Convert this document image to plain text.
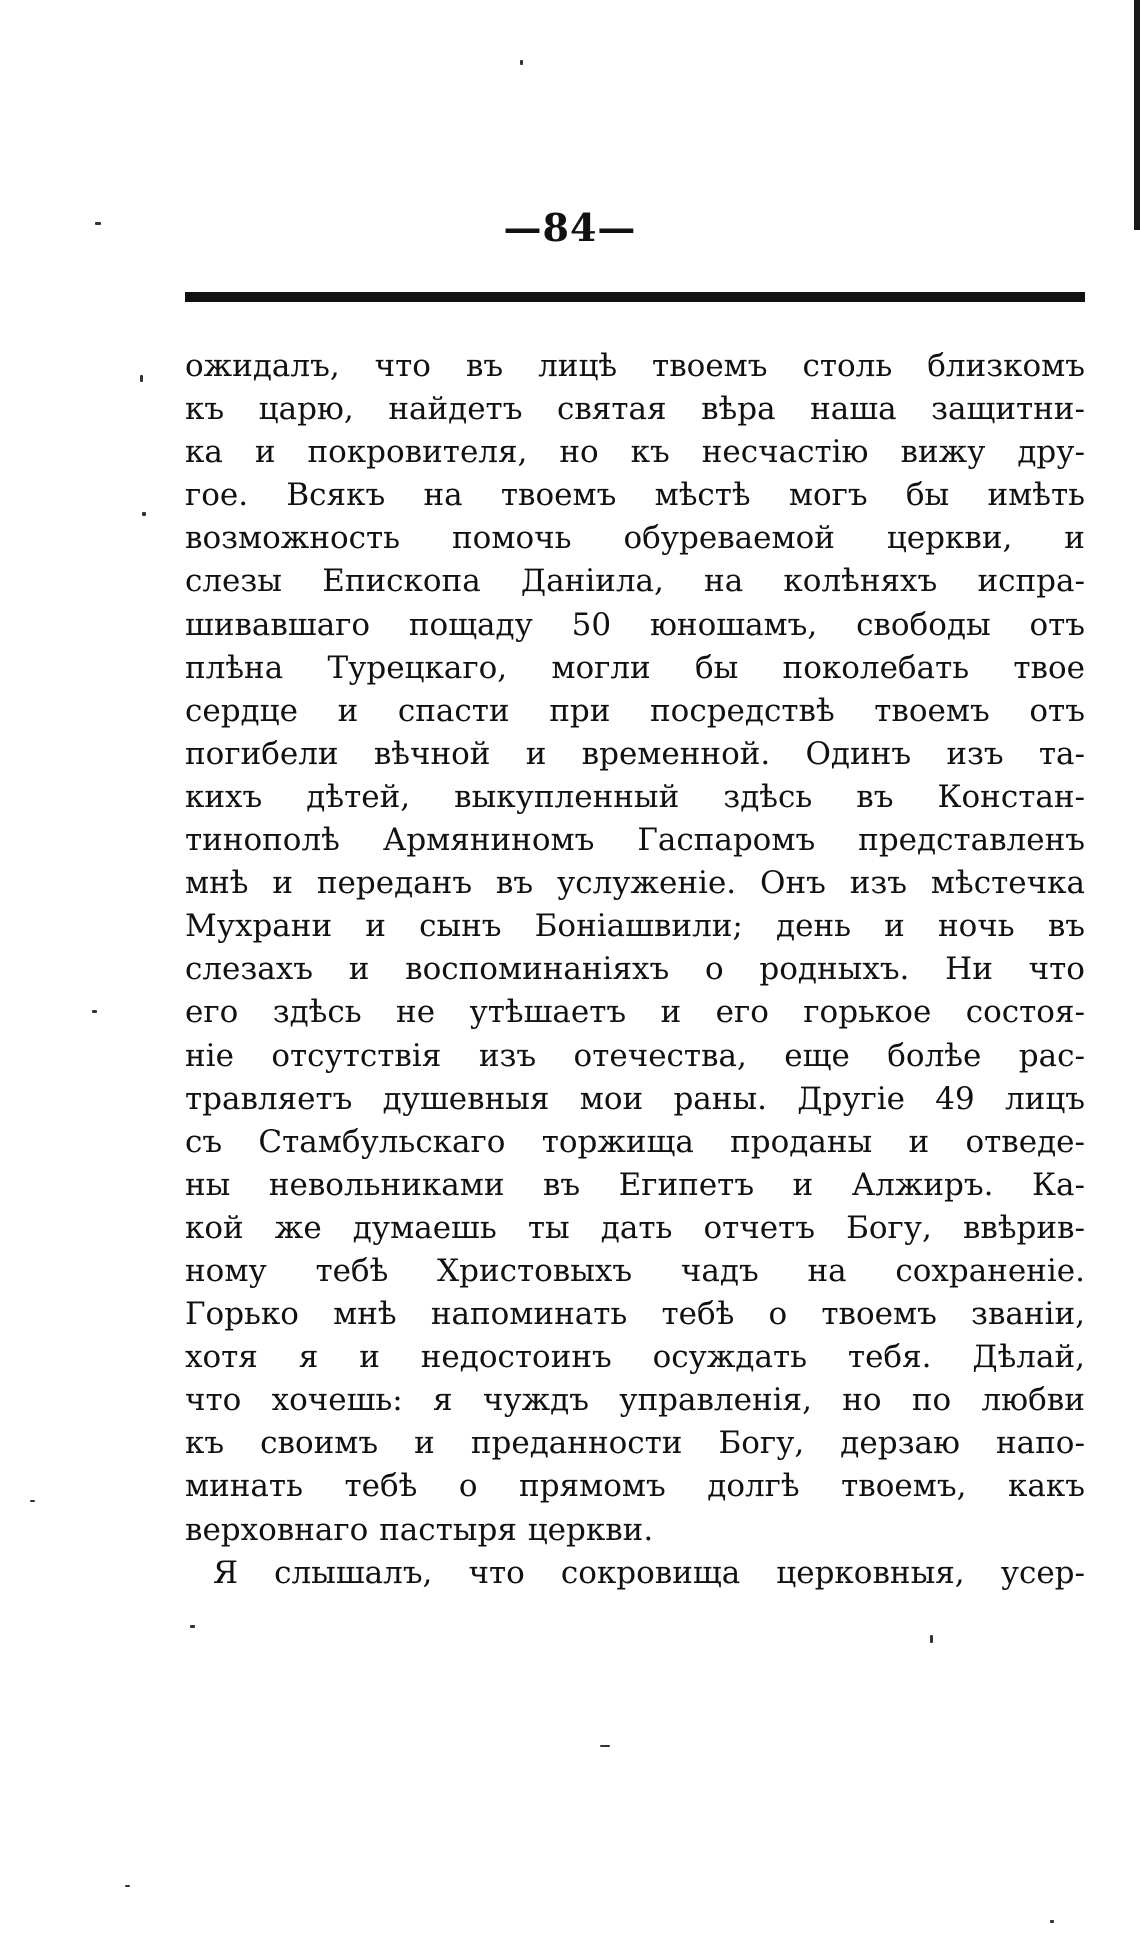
—84—
ожидалъ, что въ лицѣ твоемъ столь близкомъ
къ царю, найдетъ святая вѣра наша защитни-
ка и покровителя, но къ несчастію вижу дру-
гое. Всякъ на твоемъ мѣстѣ могъ бы имѣть
возможность помочь обуреваемой церкви, и
слезы Епископа Даніила, на колѣняхъ испра-
шивавшаго пощаду 50 юношамъ, свободы отъ
плѣна Турецкаго, могли бы поколебать твое
сердце и спасти при посредствѣ твоемъ отъ
погибели вѣчной и временной. Одинъ изъ та-
кихъ дѣтей, выкупленный здѣсь въ Констан-
тинополѣ Армяниномъ Гаспаромъ представленъ
мнѣ и переданъ въ услуженіе. Онъ изъ мѣстечка
Мухрани и сынъ Боніашвили; день и ночь въ
слезахъ и воспоминаніяхъ о родныхъ. Ни что
его здѣсь не утѣшаетъ и его горькое состоя-
ніе отсутствія изъ отечества, еще болѣе рас-
травляетъ душевныя мои раны. Другіе 49 лицъ
съ Стамбульскаго торжища проданы и отведе-
ны невольниками въ Египетъ и Алжиръ. Ка-
кой же думаешь ты дать отчетъ Богу, ввѣрив-
ному тебѣ Христовыхъ чадъ на сохраненіе.
Горько мнѣ напоминать тебѣ о твоемъ званіи,
хотя я и недостоинъ осуждать тебя. Дѣлай,
что хочешь: я чуждъ управленія, но по любви
къ своимъ и преданности Богу, дерзаю напо-
минать тебѣ о прямомъ долгѣ твоемъ, какъ
верховнаго пастыря церкви.
Я слышалъ, что сокровища церковныя, усер-
